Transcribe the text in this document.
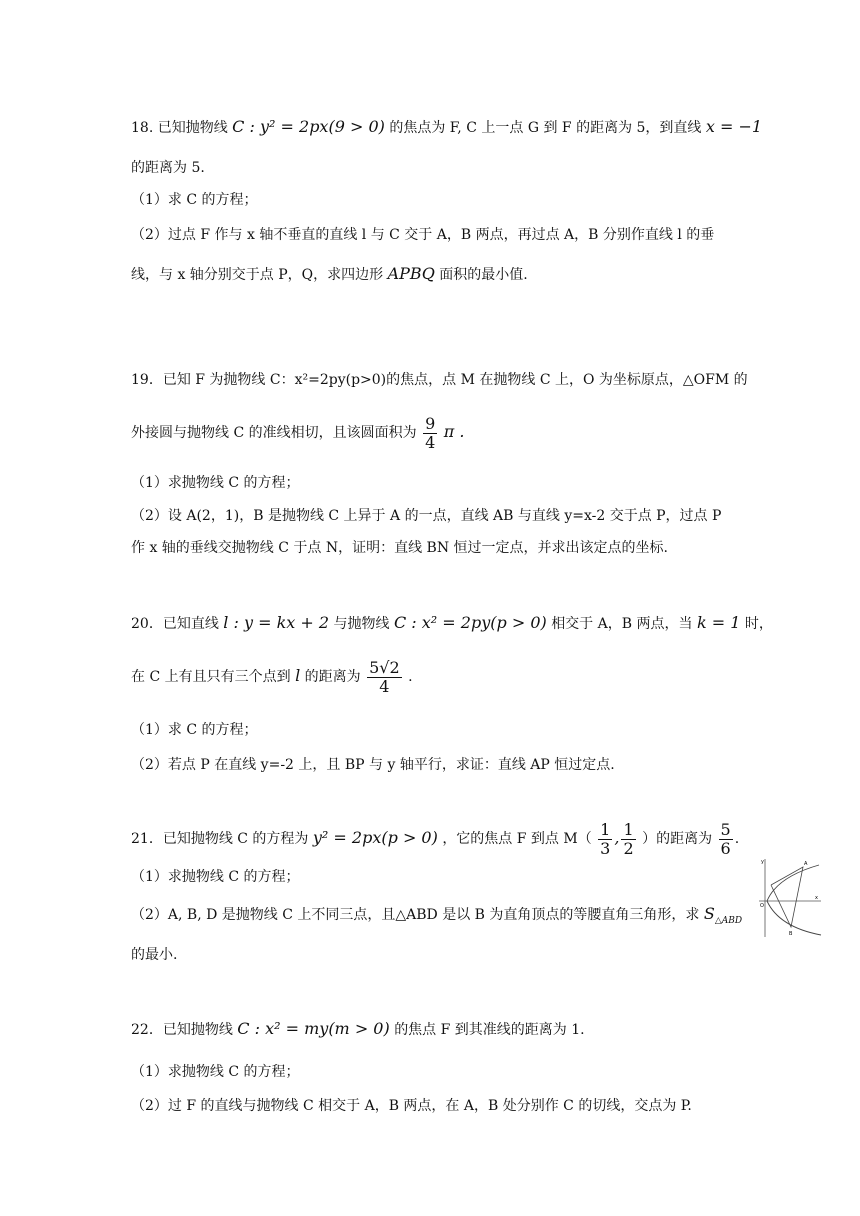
18. 已知抛物线 C : y² = 2px(9 > 0) 的焦点为 F, C 上一点 G 到 F 的距离为 5，到直线 x = −1
的距离为 5.
（1）求 C 的方程；
（2）过点 F 作与 x 轴不垂直的直线 l 与 C 交于 A，B 两点，再过点 A，B 分别作直线 l 的垂
线，与 x 轴分别交于点 P，Q，求四边形 APBQ 面积的最小值.
19．已知 F 为抛物线 C：x²=2py(p>0)的焦点，点 M 在抛物线 C 上，O 为坐标原点，△OFM 的
外接圆与抛物线 C 的准线相切，且该圆面积为 $\frac{9}{4}$ π .
（1）求抛物线 C 的方程；
（2）设 A(2，1)，B 是抛物线 C 上异于 A 的一点，直线 AB 与直线 y=x-2 交于点 P，过点 P
作 x 轴的垂线交抛物线 C 于点 N，证明：直线 BN 恒过一定点，并求出该定点的坐标.
20．已知直线 l : y = kx + 2 与抛物线 C : x² = 2py(p > 0) 相交于 A，B 两点，当 k = 1 时，
在 C 上有且只有三个点到 l 的距离为 $\frac{5√2}{4}$ .
（1）求 C 的方程；
（2）若点 P 在直线 y=-2 上，且 BP 与 y 轴平行，求证：直线 AP 恒过定点.
21．已知抛物线 C 的方程为 y² = 2px(p > 0) ，它的焦点 F 到点 $M( \frac{1}{3}$ , $\frac{1}{2}$ ）的距离为 $\frac{5}{6}$ .
（1）求抛物线 C 的方程；
（2）A, B, D 是抛物线 C 上不同三点，且△ABD 是以 B 为直角顶点的等腰直角三角形，求 $S_{\triangle ABD}$
的最小.
y
x
O
A
B
22．已知抛物线 C : x² = my(m > 0) 的焦点 F 到其准线的距离为 1.
（1）求抛物线 C 的方程；
（2）过 F 的直线与抛物线 C 相交于 A，B 两点，在 A，B 处分别作 C 的切线，交点为 P.
